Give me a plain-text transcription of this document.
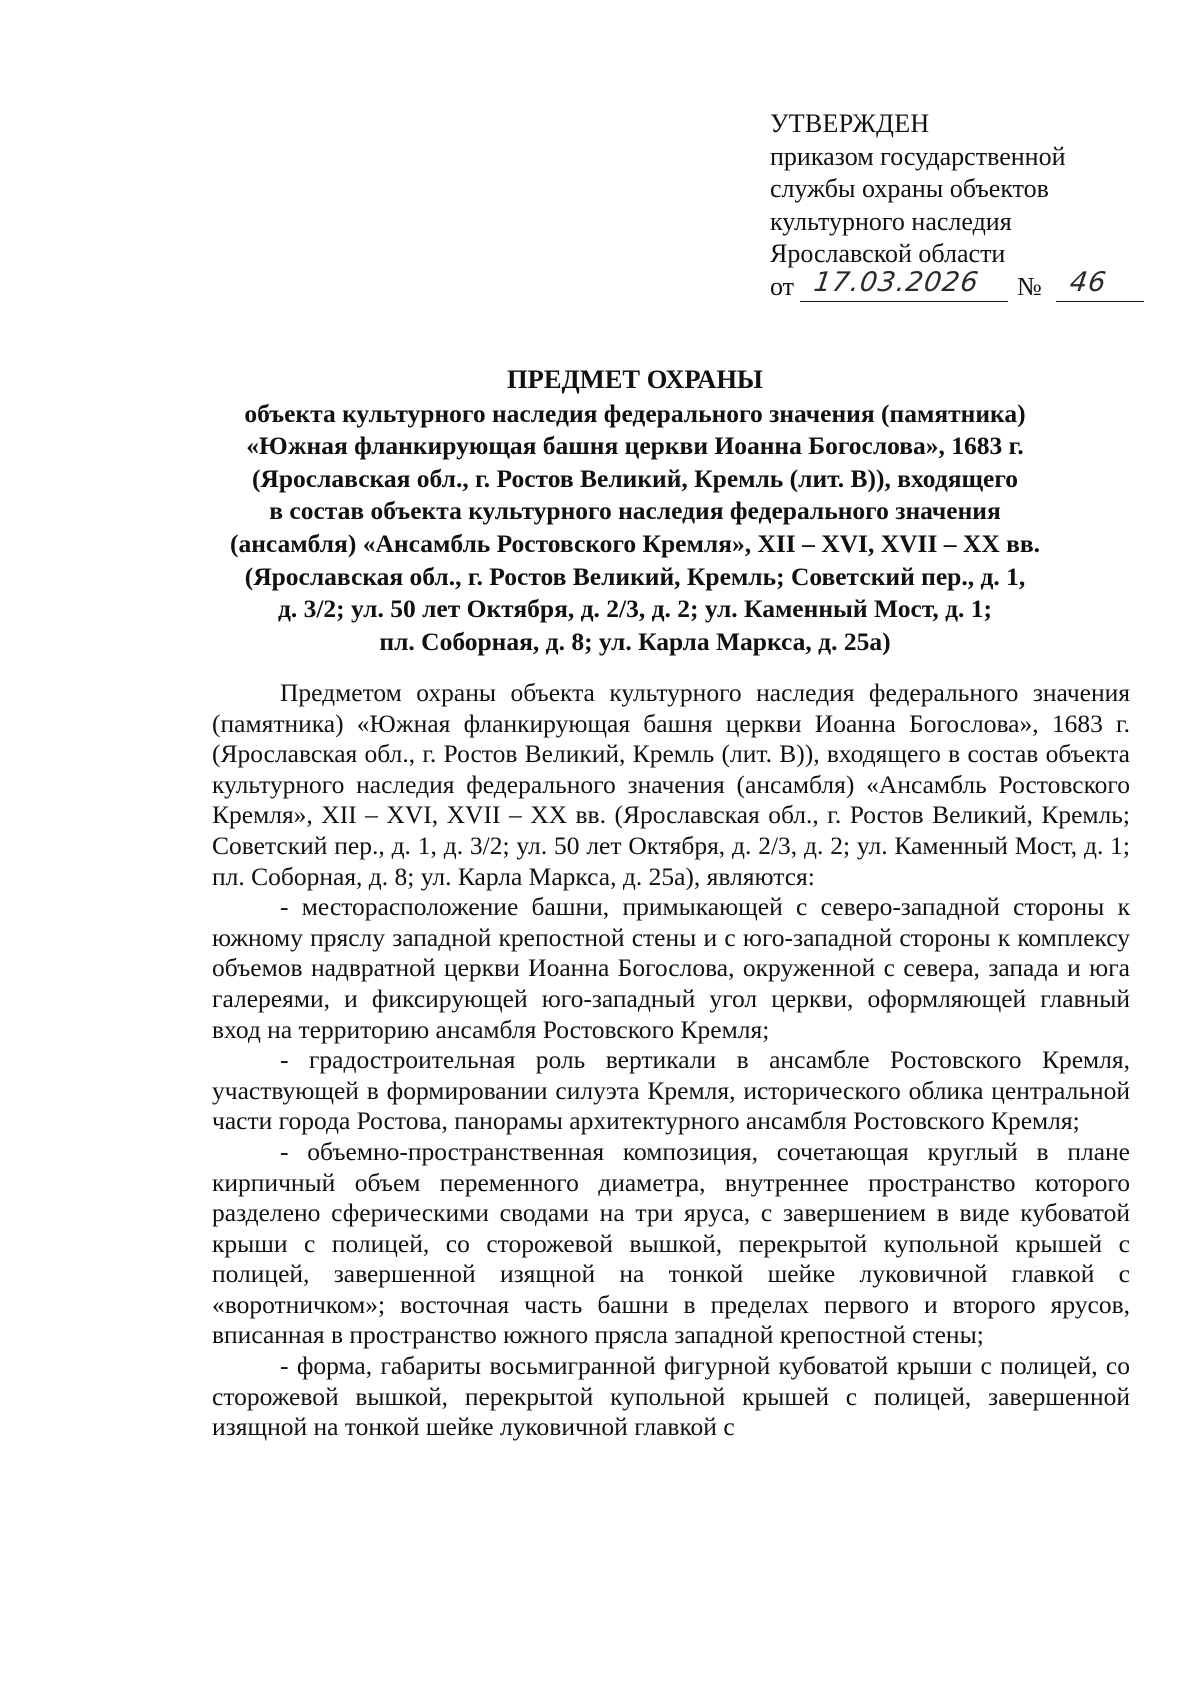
УТВЕРЖДЕН
приказом государственной
службы охраны объектов
культурного наследия
Ярославской области
от 17.03.2026 № 46
ПРЕДМЕТ ОХРАНЫ
объекта культурного наследия федерального значения (памятника)
«Южная фланкирующая башня церкви Иоанна Богослова», 1683 г.
(Ярославская обл., г. Ростов Великий, Кремль (лит. В)), входящего
в состав объекта культурного наследия федерального значения
(ансамбля) «Ансамбль Ростовского Кремля», XII – XVI, XVII – XX вв.
(Ярославская обл., г. Ростов Великий, Кремль; Советский пер., д. 1,
д. 3/2; ул. 50 лет Октября, д. 2/3, д. 2; ул. Каменный Мост, д. 1;
пл. Соборная, д. 8; ул. Карла Маркса, д. 25а)

Предметом охраны объекта культурного наследия федерального значения (памятника) «Южная фланкирующая башня церкви Иоанна Богослова», 1683 г. (Ярославская обл., г. Ростов Великий, Кремль (лит. В)), входящего в состав объекта культурного наследия федерального значения (ансамбля) «Ансамбль Ростовского Кремля», XII – XVI, XVII – XX вв. (Ярославская обл., г. Ростов Великий, Кремль; Советский пер., д. 1, д. 3/2; ул. 50 лет Октября, д. 2/3, д. 2; ул. Каменный Мост, д. 1; пл. Соборная, д. 8; ул. Карла Маркса, д. 25а), являются:

- месторасположение башни, примыкающей с северо-западной стороны к южному пряслу западной крепостной стены и с юго-западной стороны к комплексу объемов надвратной церкви Иоанна Богослова, окруженной с севера, запада и юга галереями, и фиксирующей юго-западный угол церкви, оформляющей главный вход на территорию ансамбля Ростовского Кремля;

- градостроительная роль вертикали в ансамбле Ростовского Кремля, участвующей в формировании силуэта Кремля, исторического облика центральной части города Ростова, панорамы архитектурного ансамбля Ростовского Кремля;

- объемно-пространственная композиция, сочетающая круглый в плане кирпичный объем переменного диаметра, внутреннее пространство которого разделено сферическими сводами на три яруса, с завершением в виде кубоватой крыши с полицей, со сторожевой вышкой, перекрытой купольной крышей с полицей, завершенной изящной на тонкой шейке луковичной главкой с «воротничком»; восточная часть башни в пределах первого и второго ярусов, вписанная в пространство южного прясла западной крепостной стены;

- форма, габариты восьмигранной фигурной кубоватой крыши с полицей, со сторожевой вышкой, перекрытой купольной крышей с полицей, завершенной изящной на тонкой шейке луковичной главкой с
